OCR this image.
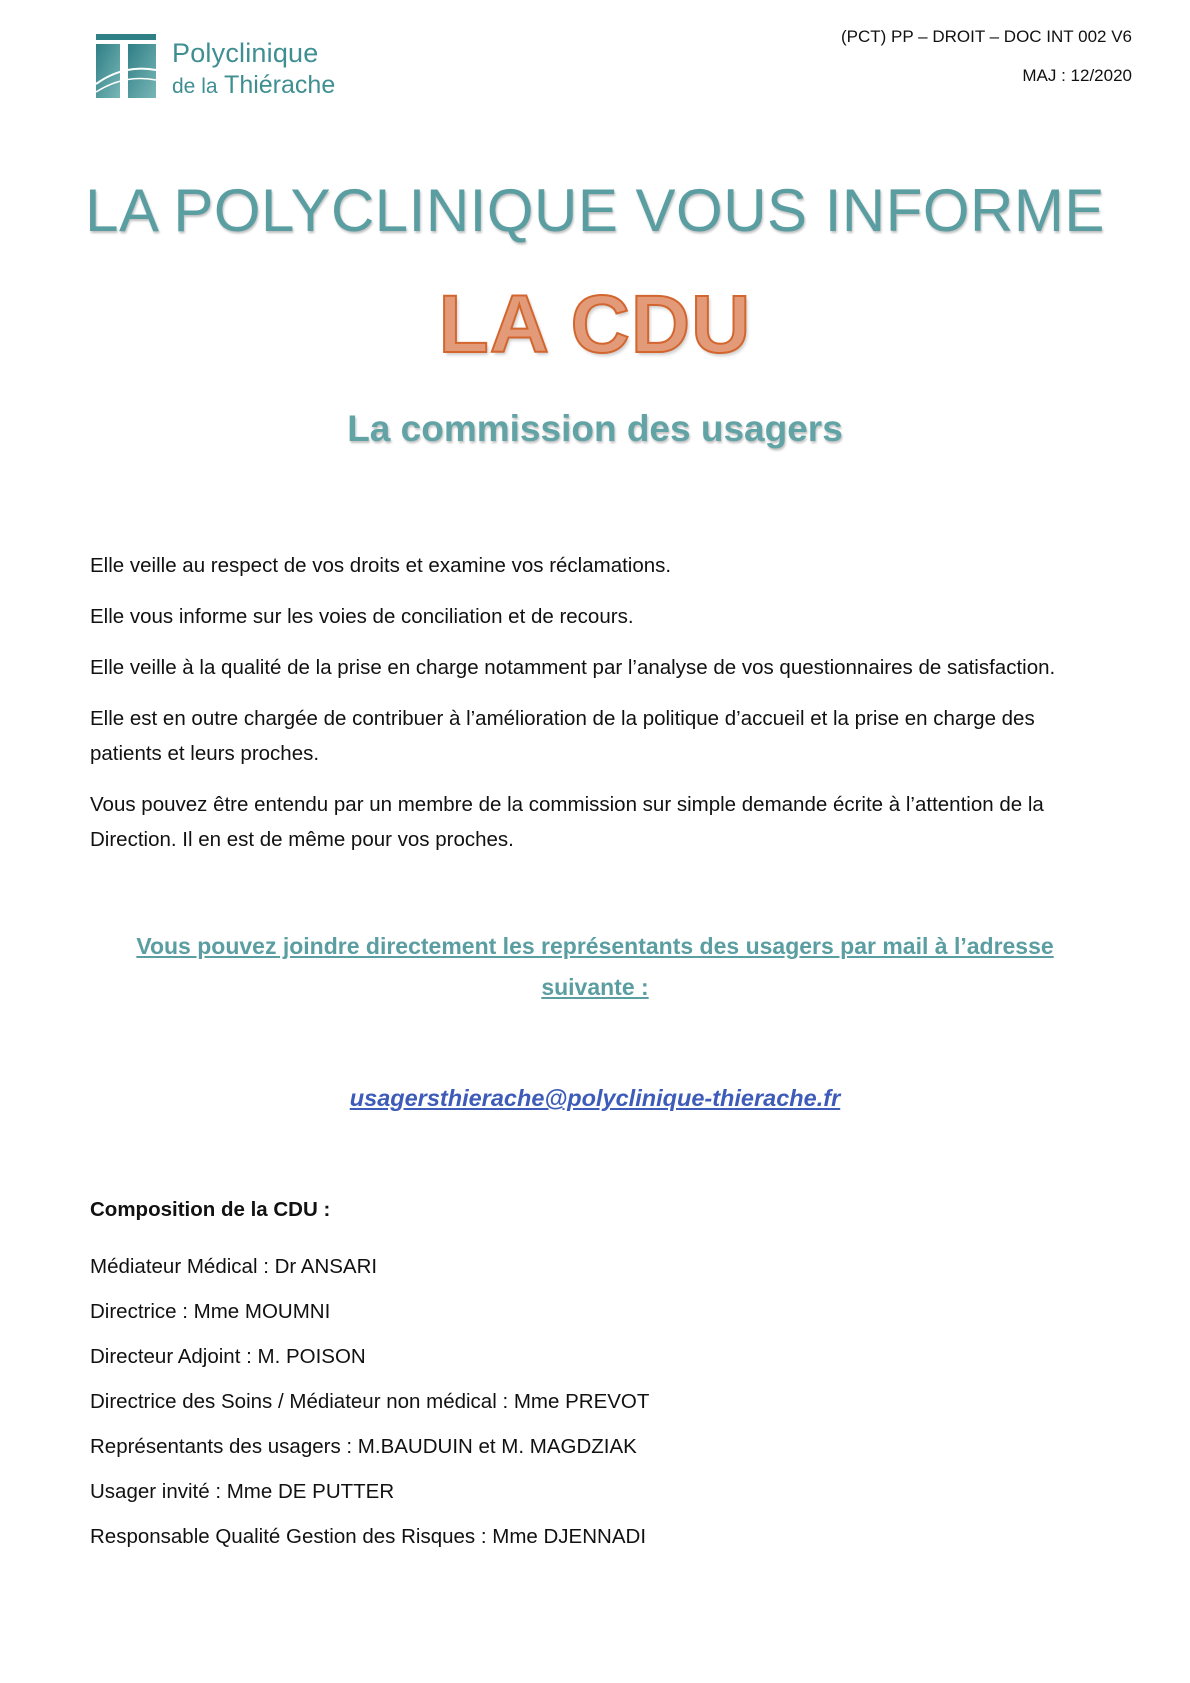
Polyclinique
de la Thiérache
(PCT) PP – DROIT – DOC INT 002 V6
MAJ : 12/2020
LA POLYCLINIQUE VOUS INFORME
LA CDU
La commission des usagers

Elle veille au respect de vos droits et examine vos réclamations.

Elle vous informe sur les voies de conciliation et de recours.

Elle veille à la qualité de la prise en charge notamment par l’analyse de vos questionnaires de satisfaction.

Elle est en outre chargée de contribuer à l’amélioration de la politique d’accueil et la prise en charge des patients et leurs proches.

Vous pouvez être entendu par un membre de la commission sur simple demande écrite à l’attention de la Direction. Il en est de même pour vos proches.

Vous pouvez joindre directement les représentants des usagers par mail à l’adresse suivante :
usagersthierache@polyclinique-thierache.fr
Composition de la CDU :
Médiateur Médical : Dr ANSARI
Directrice : Mme MOUMNI
Directeur Adjoint : M. POISON
Directrice des Soins / Médiateur non médical : Mme PREVOT
Représentants des usagers : M.BAUDUIN et M. MAGDZIAK
Usager invité : Mme DE PUTTER
Responsable Qualité Gestion des Risques : Mme DJENNADI
